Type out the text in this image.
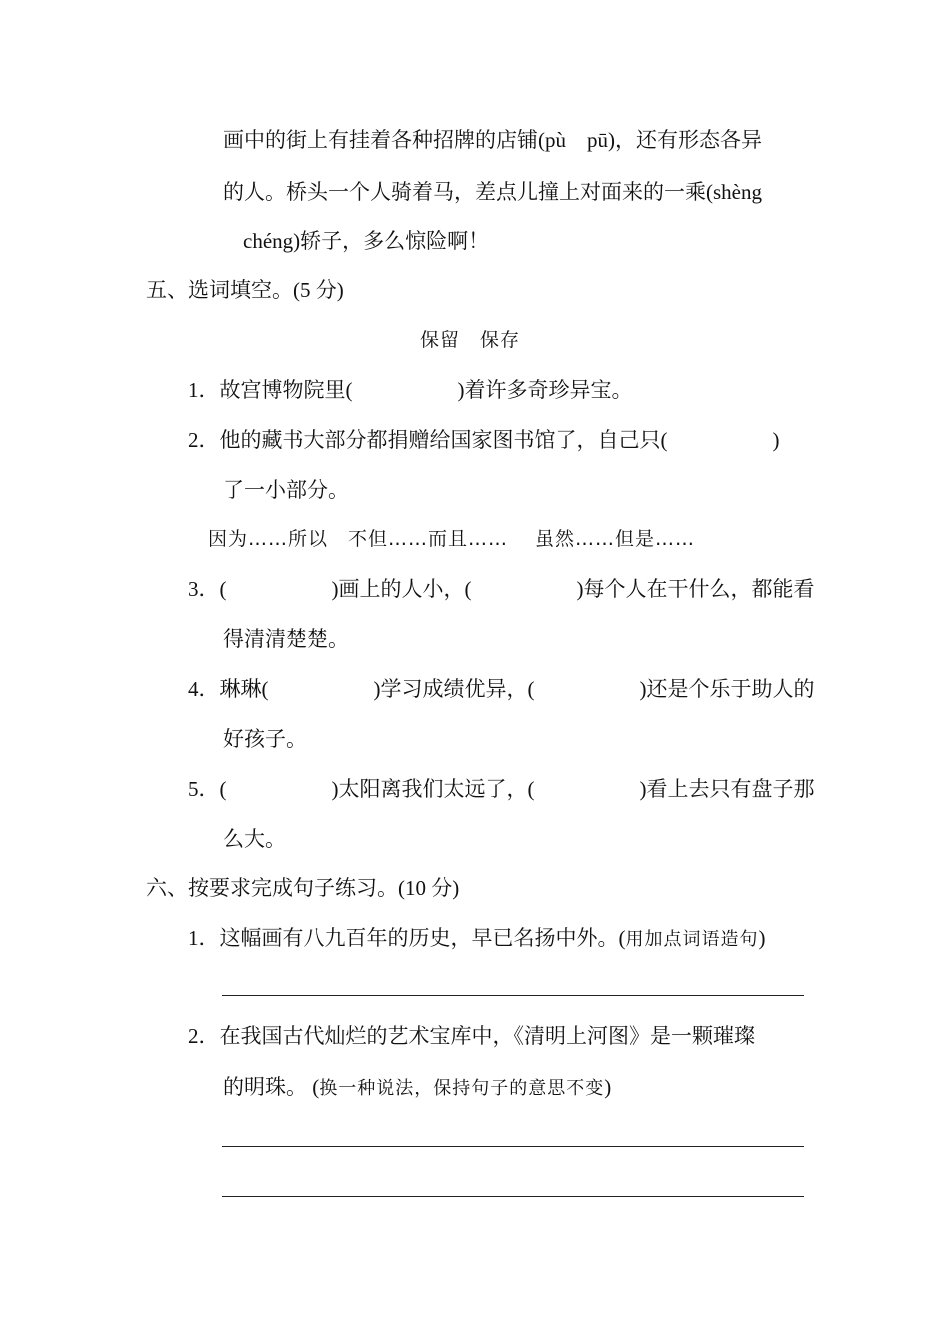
画中的街上有挂着各种招牌的店铺(pù　pū)，还有形态各异
的人。桥头一个人骑着马，差点儿撞上对面来的一乘(shèng
chéng)轿子，多么惊险啊！
五、选词填空。(5 分)
保留　保存
1．故宫博物院里(　　　　　)着许多奇珍异宝。
2．他的藏书大部分都捐赠给国家图书馆了，自己只(　　　　　)
了一小部分。
因为……所以　不但……而且……　 虽然……但是……
3．(　　　　　)画上的人小，(　　　　　)每个人在干什么，都能看
得清清楚楚。
4．琳琳(　　　　　)学习成绩优异，(　　　　　)还是个乐于助人的
好孩子。
5．(　　　　　)太阳离我们太远了，(　　　　　)看上去只有盘子那
么大。
六、按要求完成句子练习。(10 分)
1．这幅画有八九百年的历史，早已名扬中外。(用加点词语造句)
2．在我国古代灿烂的艺术宝库中，《清明上河图》是一颗璀璨
的明珠。 (换一种说法，保持句子的意思不变)
